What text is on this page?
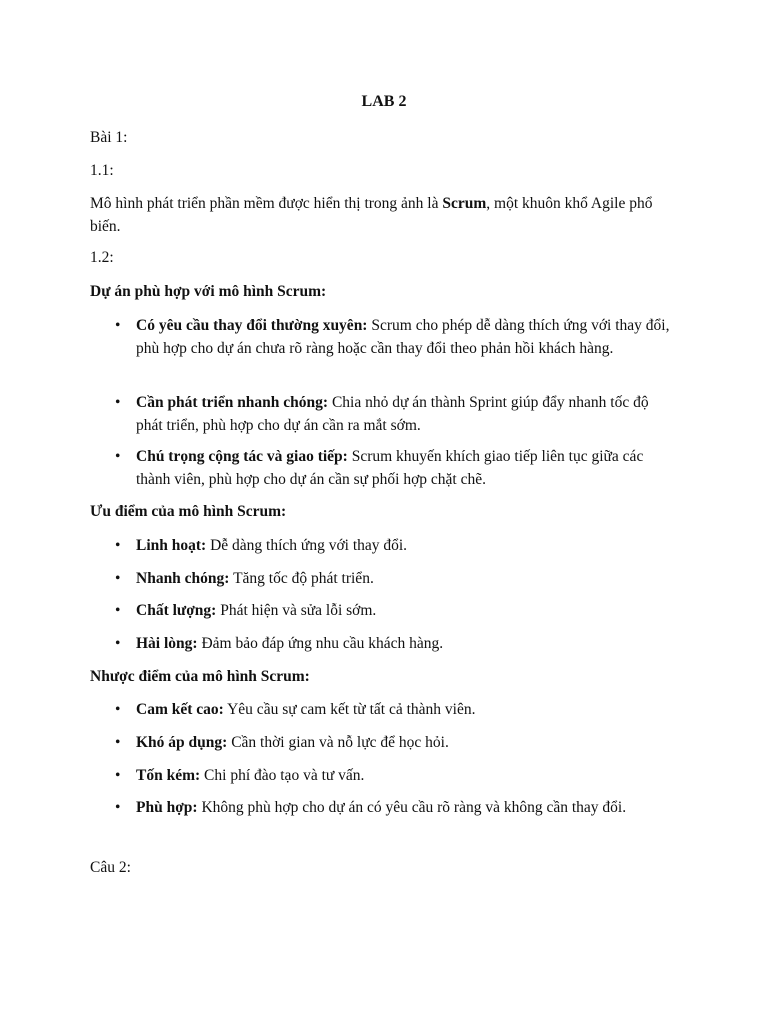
LAB 2
Bài 1:
1.1:
Mô hình phát triển phần mềm được hiển thị trong ảnh là Scrum, một khuôn khổ Agile phổ biến.
1.2:
Dự án phù hợp với mô hình Scrum:
• Có yêu cầu thay đổi thường xuyên: Scrum cho phép dễ dàng thích ứng với thay đổi, phù hợp cho dự án chưa rõ ràng hoặc cần thay đổi theo phản hồi khách hàng.
• Cần phát triển nhanh chóng: Chia nhỏ dự án thành Sprint giúp đẩy nhanh tốc độ phát triển, phù hợp cho dự án cần ra mắt sớm.
• Chú trọng cộng tác và giao tiếp: Scrum khuyến khích giao tiếp liên tục giữa các thành viên, phù hợp cho dự án cần sự phối hợp chặt chẽ.
Ưu điểm của mô hình Scrum:
• Linh hoạt: Dễ dàng thích ứng với thay đổi.
• Nhanh chóng: Tăng tốc độ phát triển.
• Chất lượng: Phát hiện và sửa lỗi sớm.
• Hài lòng: Đảm bảo đáp ứng nhu cầu khách hàng.
Nhược điểm của mô hình Scrum:
• Cam kết cao: Yêu cầu sự cam kết từ tất cả thành viên.
• Khó áp dụng: Cần thời gian và nỗ lực để học hỏi.
• Tốn kém: Chi phí đào tạo và tư vấn.
• Phù hợp: Không phù hợp cho dự án có yêu cầu rõ ràng và không cần thay đổi.
Câu 2:
